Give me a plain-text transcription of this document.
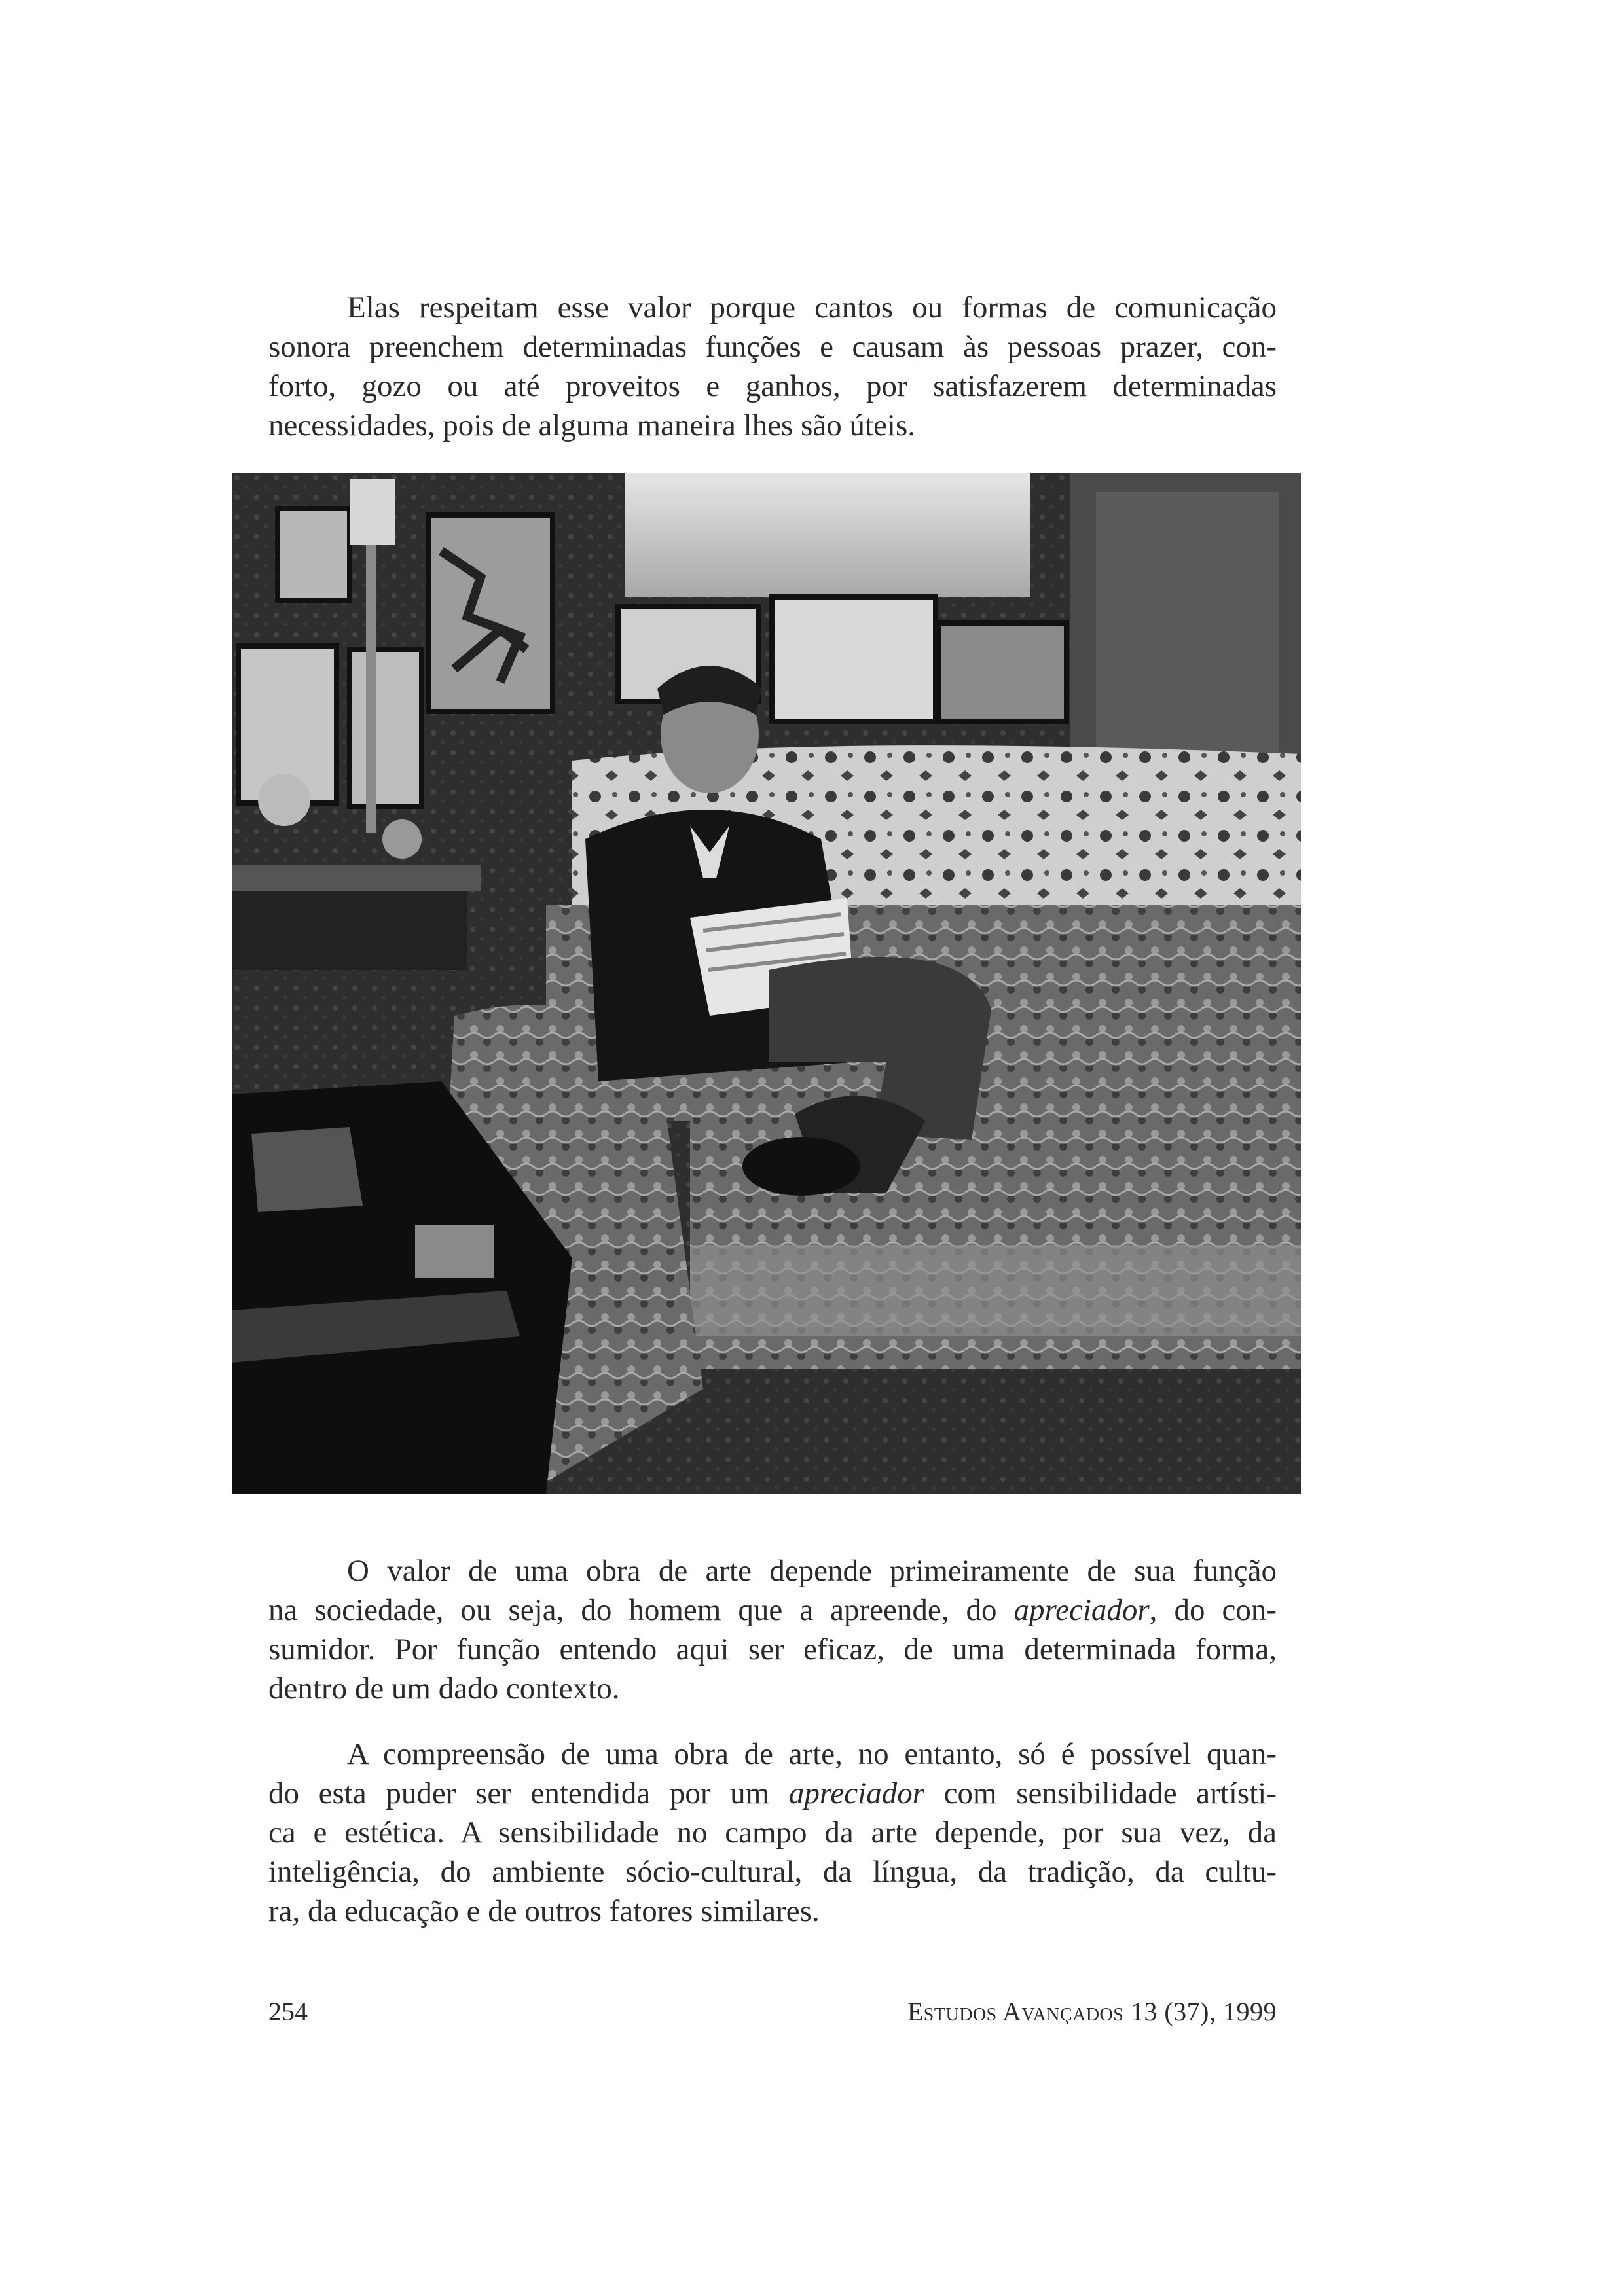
Elas respeitam esse valor porque cantos ou formas de comunicação
sonora preenchem determinadas funções e causam às pessoas prazer, con-
forto, gozo ou até proveitos e ganhos, por satisfazerem determinadas
necessidades, pois de alguma maneira lhes são úteis.

O valor de uma obra de arte depende primeiramente de sua função
na sociedade, ou seja, do homem que a apreende, do apreciador, do con-
sumidor. Por função entendo aqui ser eficaz, de uma determinada forma,
dentro de um dado contexto.

A compreensão de uma obra de arte, no entanto, só é possível quan-
do esta puder ser entendida por um apreciador com sensibilidade artísti-
ca e estética. A sensibilidade no campo da arte depende, por sua vez, da
inteligência, do ambiente sócio-cultural, da língua, da tradição, da cultu-
ra, da educação e de outros fatores similares.

254	Estudos Avançados 13 (37), 1999
